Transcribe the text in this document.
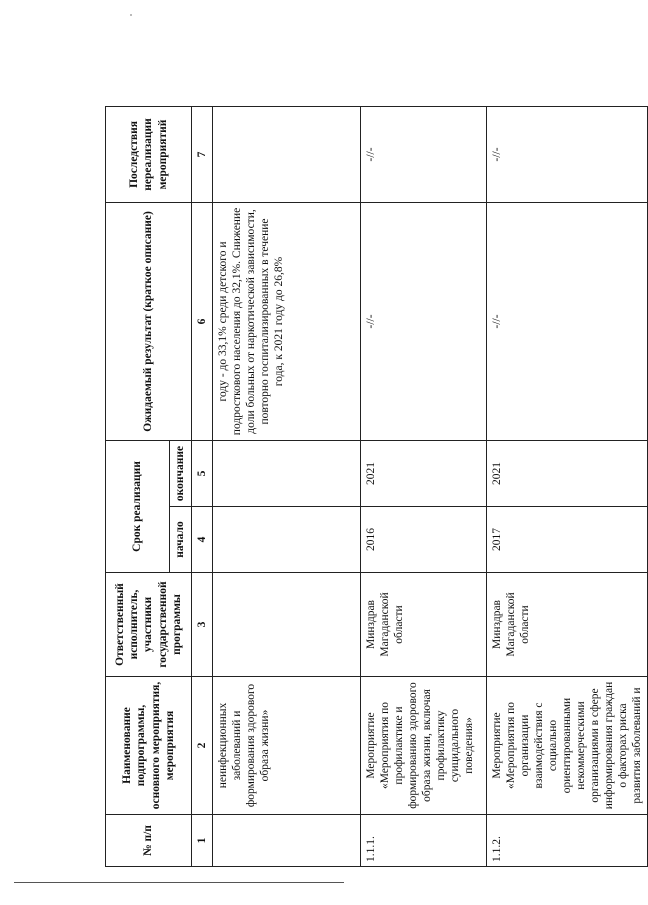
№ п/п	Наименование подпрограммы, основного мероприятия, мероприятия	Ответственный исполнитель, участники государственной программы	Срок реализации		Ожидаемый результат (краткое описание)	Последствия нереализации мероприятий
			начало	окончание		
1	2	3	4	5	6	7
	неинфекционных заболеваний и формирования здорового образа жизни»				году - до 33,1% среди детского и подросткового населения до 32,1%. Снижение доли больных от наркотической зависимости, повторно госпитализированных в течение года, к 2021 году до 26,8%	
1.1.1.	Мероприятие «Мероприятия по профилактике и формированию здорового образа жизни, включая профилактику суицидального поведения»	Минздрав Магаданской области	2016	2021	-//-	-//-
1.1.2.	Мероприятие «Мероприятия по организации взаимодействия с социально ориентированными некоммерческими организациями в сфере информирования граждан о факторах риска развития заболеваний и	Минздрав Магаданской области	2017	2021	-//-	-//-
